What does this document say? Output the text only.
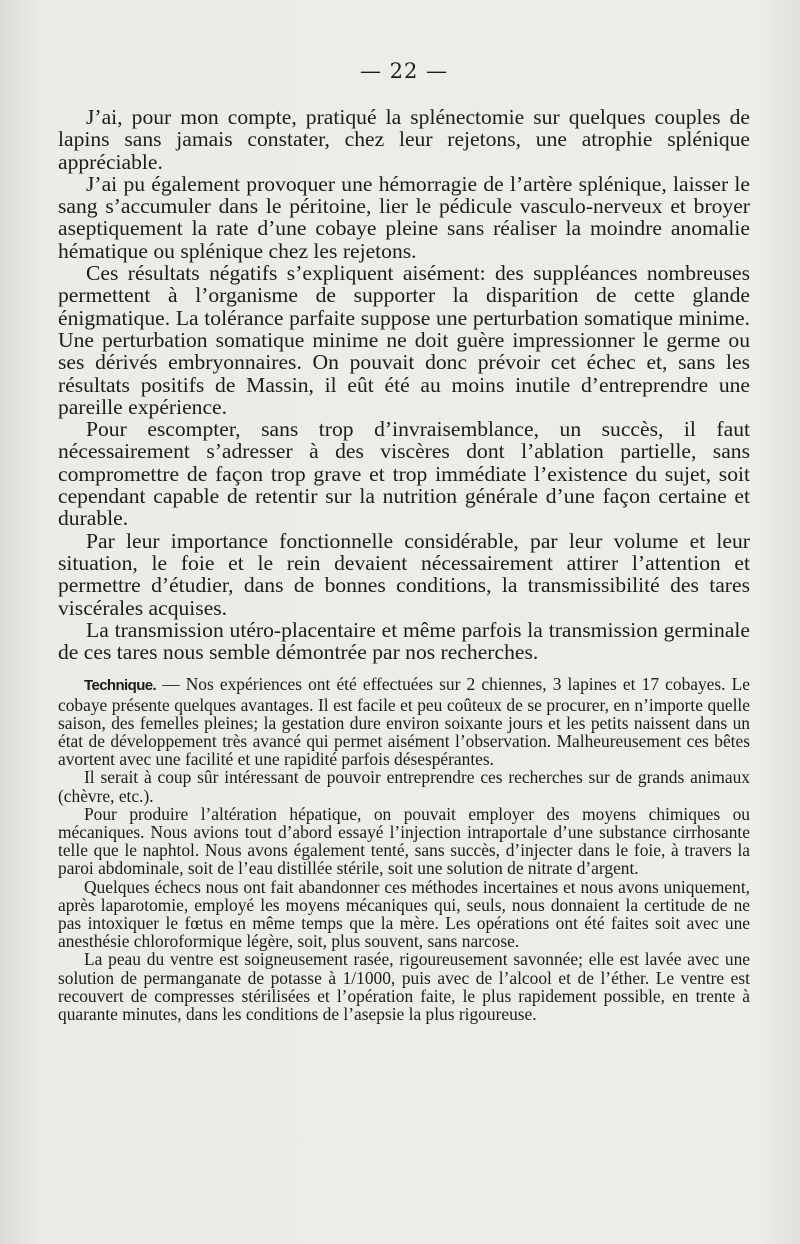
— 22 —

J’ai, pour mon compte, pratiqué la splénectomie sur quelques couples de lapins sans jamais constater, chez leur rejetons, une atrophie splénique appréciable.

J’ai pu également provoquer une hémorragie de l’artère splénique, laisser le sang s’accumuler dans le péritoine, lier le pédicule vasculo-nerveux et broyer aseptiquement la rate d’une cobaye pleine sans réaliser la moindre anomalie hématique ou splénique chez les rejetons.

Ces résultats négatifs s’expliquent aisément: des suppléances nombreuses permettent à l’organisme de supporter la disparition de cette glande énigmatique. La tolérance parfaite suppose une perturbation somatique minime. Une perturbation somatique minime ne doit guère impressionner le germe ou ses dérivés embryonnaires. On pouvait donc prévoir cet échec et, sans les résultats positifs de Massin, il eût été au moins inutile d’entreprendre une pareille expérience.

Pour escompter, sans trop d’invraisemblance, un succès, il faut nécessairement s’adresser à des viscères dont l’ablation partielle, sans compromettre de façon trop grave et trop immédiate l’existence du sujet, soit cependant capable de retentir sur la nutrition générale d’une façon certaine et durable.

Par leur importance fonctionnelle considérable, par leur volume et leur situation, le foie et le rein devaient nécessairement attirer l’attention et permettre d’étudier, dans de bonnes conditions, la transmissibilité des tares viscérales acquises.

La transmission utéro-placentaire et même parfois la transmission germinale de ces tares nous semble démontrée par nos recherches.

Technique. — Nos expériences ont été effectuées sur 2 chiennes, 3 lapines et 17 cobayes. Le cobaye présente quelques avantages. Il est facile et peu coûteux de se procurer, en n’importe quelle saison, des femelles pleines; la gestation dure environ soixante jours et les petits naissent dans un état de développement très avancé qui permet aisément l’observation. Malheureusement ces bêtes avortent avec une facilité et une rapidité parfois désespérantes.

Il serait à coup sûr intéressant de pouvoir entreprendre ces recherches sur de grands animaux (chèvre, etc.).

Pour produire l’altération hépatique, on pouvait employer des moyens chimiques ou mécaniques. Nous avions tout d’abord essayé l’injection intraportale d’une substance cirrhosante telle que le naphtol. Nous avons également tenté, sans succès, d’injecter dans le foie, à travers la paroi abdominale, soit de l’eau distillée stérile, soit une solution de nitrate d’argent.

Quelques échecs nous ont fait abandonner ces méthodes incertaines et nous avons uniquement, après laparotomie, employé les moyens mécaniques qui, seuls, nous donnaient la certitude de ne pas intoxiquer le fœtus en même temps que la mère. Les opérations ont été faites soit avec une anesthésie chloroformique légère, soit, plus souvent, sans narcose.

La peau du ventre est soigneusement rasée, rigoureusement savonnée; elle est lavée avec une solution de permanganate de potasse à 1/1000, puis avec de l’alcool et de l’éther. Le ventre est recouvert de compresses stérilisées et l’opération faite, le plus rapidement possible, en trente à quarante minutes, dans les conditions de l’asepsie la plus rigoureuse.
